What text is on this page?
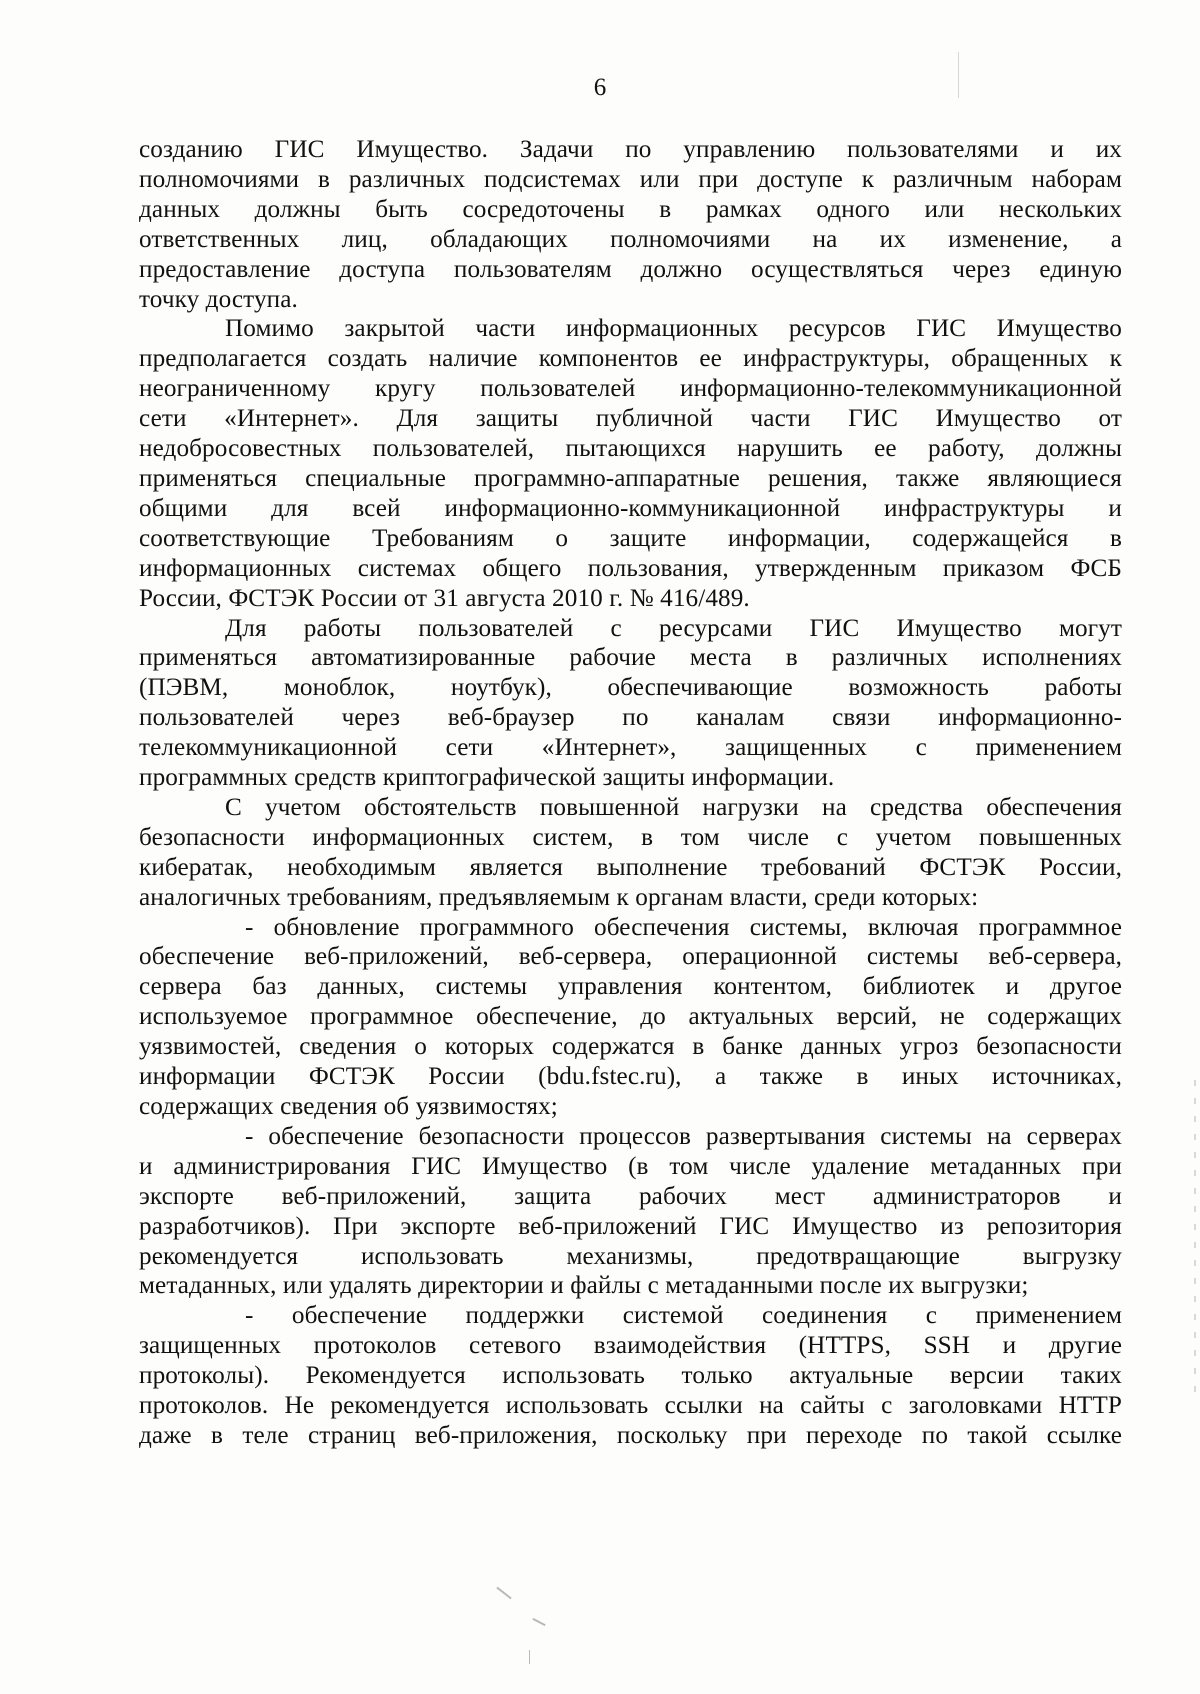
6
созданию ГИС Имущество. Задачи по управлению пользователями и их
полномочиями в различных подсистемах или при доступе к различным наборам
данных должны быть сосредоточены в рамках одного или нескольких
ответственных лиц, обладающих полномочиями на их изменение, а
предоставление доступа пользователям должно осуществляться через единую
точку доступа.
Помимо закрытой части информационных ресурсов ГИС Имущество
предполагается создать наличие компонентов ее инфраструктуры, обращенных к
неограниченному кругу пользователей информационно-телекоммуникационной
сети «Интернет». Для защиты публичной части ГИС Имущество от
недобросовестных пользователей, пытающихся нарушить ее работу, должны
применяться специальные программно-аппаратные решения, также являющиеся
общими для всей информационно-коммуникационной инфраструктуры и
соответствующие Требованиям о защите информации, содержащейся в
информационных системах общего пользования, утвержденным приказом ФСБ
России, ФСТЭК России от 31 августа 2010 г. № 416/489.
Для работы пользователей с ресурсами ГИС Имущество могут
применяться автоматизированные рабочие места в различных исполнениях
(ПЭВМ, моноблок, ноутбук), обеспечивающие возможность работы
пользователей через веб-браузер по каналам связи информационно-
телекоммуникационной сети «Интернет», защищенных с применением
программных средств криптографической защиты информации.
С учетом обстоятельств повышенной нагрузки на средства обеспечения
безопасности информационных систем, в том числе с учетом повышенных
кибератак, необходимым является выполнение требований ФСТЭК России,
аналогичных требованиям, предъявляемым к органам власти, среди которых:
- обновление программного обеспечения системы, включая программное
обеспечение веб-приложений, веб-сервера, операционной системы веб-сервера,
сервера баз данных, системы управления контентом, библиотек и другое
используемое программное обеспечение, до актуальных версий, не содержащих
уязвимостей, сведения о которых содержатся в банке данных угроз безопасности
информации ФСТЭК России (bdu.fstec.ru), а также в иных источниках,
содержащих сведения об уязвимостях;
- обеспечение безопасности процессов развертывания системы на серверах
и администрирования ГИС Имущество (в том числе удаление метаданных при
экспорте веб-приложений, защита рабочих мест администраторов и
разработчиков). При экспорте веб-приложений ГИС Имущество из репозитория
рекомендуется использовать механизмы, предотвращающие выгрузку
метаданных, или удалять директории и файлы с метаданными после их выгрузки;
- обеспечение поддержки системой соединения с применением
защищенных протоколов сетевого взаимодействия (HTTPS, SSH и другие
протоколы). Рекомендуется использовать только актуальные версии таких
протоколов. Не рекомендуется использовать ссылки на сайты с заголовками HTTP
даже в теле страниц веб-приложения, поскольку при переходе по такой ссылке
